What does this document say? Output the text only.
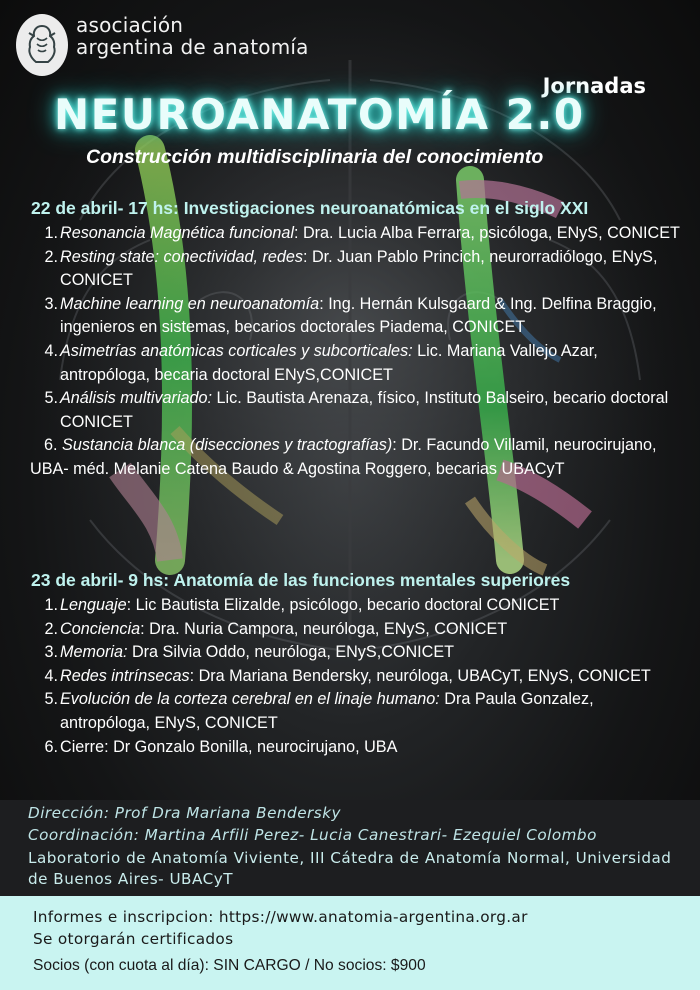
asociación
argentina de anatomía
Jornadas
NEUROANATOMÍA 2.0
Construcción multidisciplinaria del conocimiento
22 de abril- 17 hs: Investigaciones neuroanatómicas en el siglo XXI
1. Resonancia Magnética funcional: Dra. Lucia Alba Ferrara, psicóloga, ENyS, CONICET
2. Resting state: conectividad, redes: Dr. Juan Pablo Princich, neurorradiólogo, ENyS, CONICET
3. Machine learning en neuroanatomía: Ing. Hernán Kulsgaard & Ing. Delfina Braggio, ingenieros en sistemas, becarios doctorales Piadema, CONICET
4. Asimetrías anatómicas corticales y subcorticales: Lic. Mariana Vallejo Azar, antropóloga, becaria doctoral ENyS,CONICET
5. Análisis multivariado: Lic. Bautista Arenaza, físico, Instituto Balseiro, becario doctoral CONICET
6. Sustancia blanca (disecciones y tractografías): Dr. Facundo Villamil, neurocirujano, UBA- méd. Melanie Catena Baudo & Agostina Roggero, becarias UBACyT
23 de abril- 9 hs: Anatomía de las funciones mentales superiores
1. Lenguaje: Lic Bautista Elizalde, psicólogo, becario doctoral CONICET
2. Conciencia: Dra. Nuria Campora, neuróloga, ENyS, CONICET
3. Memoria: Dra Silvia Oddo, neuróloga, ENyS,CONICET
4. Redes intrínsecas: Dra Mariana Bendersky, neuróloga, UBACyT, ENyS, CONICET
5. Evolución de la corteza cerebral en el linaje humano: Dra Paula Gonzalez, antropóloga, ENyS, CONICET
6. Cierre: Dr Gonzalo Bonilla, neurocirujano, UBA
Dirección: Prof Dra Mariana Bendersky
Coordinación: Martina Arfili Perez- Lucia Canestrari- Ezequiel Colombo
Laboratorio de Anatomía Viviente, III Cátedra de Anatomía Normal, Universidad
de Buenos Aires- UBACyT
Informes e inscripcion: https://www.anatomia-argentina.org.ar
Se otorgarán certificados
Socios (con cuota al día): SIN CARGO / No socios: $900
